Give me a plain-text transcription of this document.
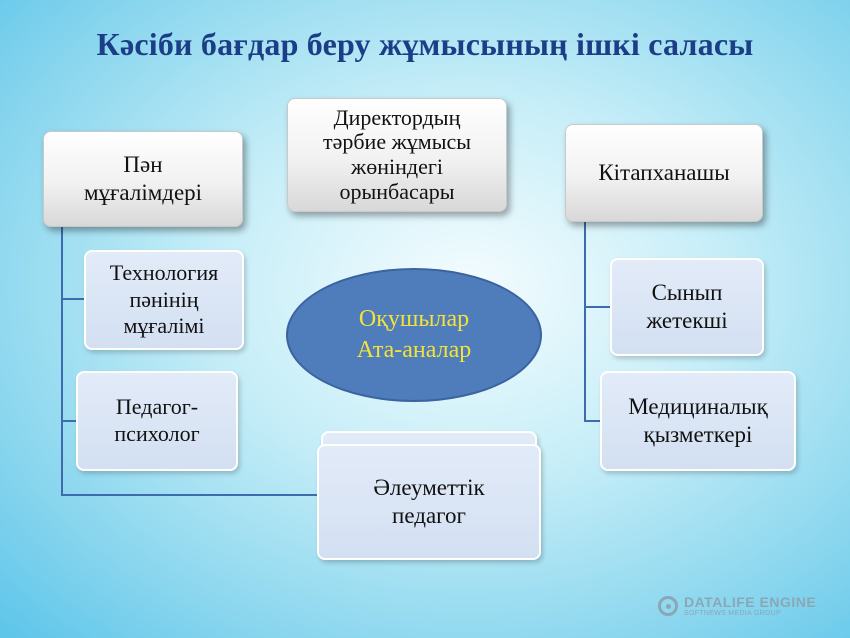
Кәсіби бағдар беру жұмысының ішкі саласы
Пән
мұғалімдері
Директордың
тәрбие жұмысы
жөніндегі
орынбасары
Кітапханашы
Технология
пәнінің
мұғалімі
Педагог-
психолог
Әлеуметтік
педагог
Сынып
жетекші
Медициналық
қызметкері
Оқушылар
Ата-аналар
DATALIFE ENGINE
SOFTNEWS MEDIA GROUP
